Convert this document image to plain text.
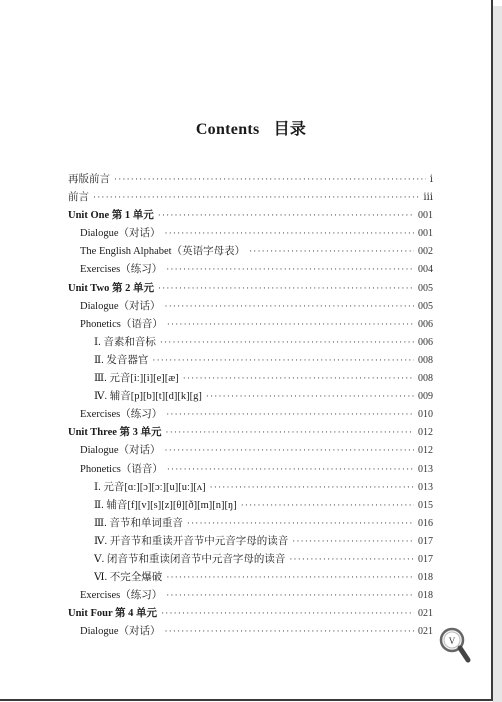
Contents 目录
再版前言 ·····	ⅰ
前言 ·····	ⅲ
Unit One 第 1 单元 ·····	001
Dialogue（对话） ·····	001
The English Alphabet（英语字母表） ·····	002
Exercises（练习） ·····	004
Unit Two 第 2 单元 ·····	005
Dialogue（对话） ·····	005
Phonetics（语音） ·····	006
Ⅰ. 音素和音标 ·····	006
Ⅱ. 发音器官 ·····	008
Ⅲ. 元音[iː][i][e][æ] ·····	008
Ⅳ. 辅音[p][b][t][d][k][g] ·····	009
Exercises（练习） ·····	010
Unit Three 第 3 单元 ·····	012
Dialogue（对话） ·····	012
Phonetics（语音） ·····	013
Ⅰ. 元音[ɑː][ɔ][ɔː][u][uː][ʌ] ·····	013
Ⅱ. 辅音[f][v][s][z][θ][ð][m][n][ŋ] ·····	015
Ⅲ. 音节和单词重音 ·····	016
Ⅳ. 开音节和重读开音节中元音字母的读音 ·····	017
Ⅴ. 闭音节和重读闭音节中元音字母的读音 ·····	017
Ⅵ. 不完全爆破 ·····	018
Exercises（练习） ·····	018
Unit Four 第 4 单元 ·····	021
Dialogue（对话） ·····	021
V
